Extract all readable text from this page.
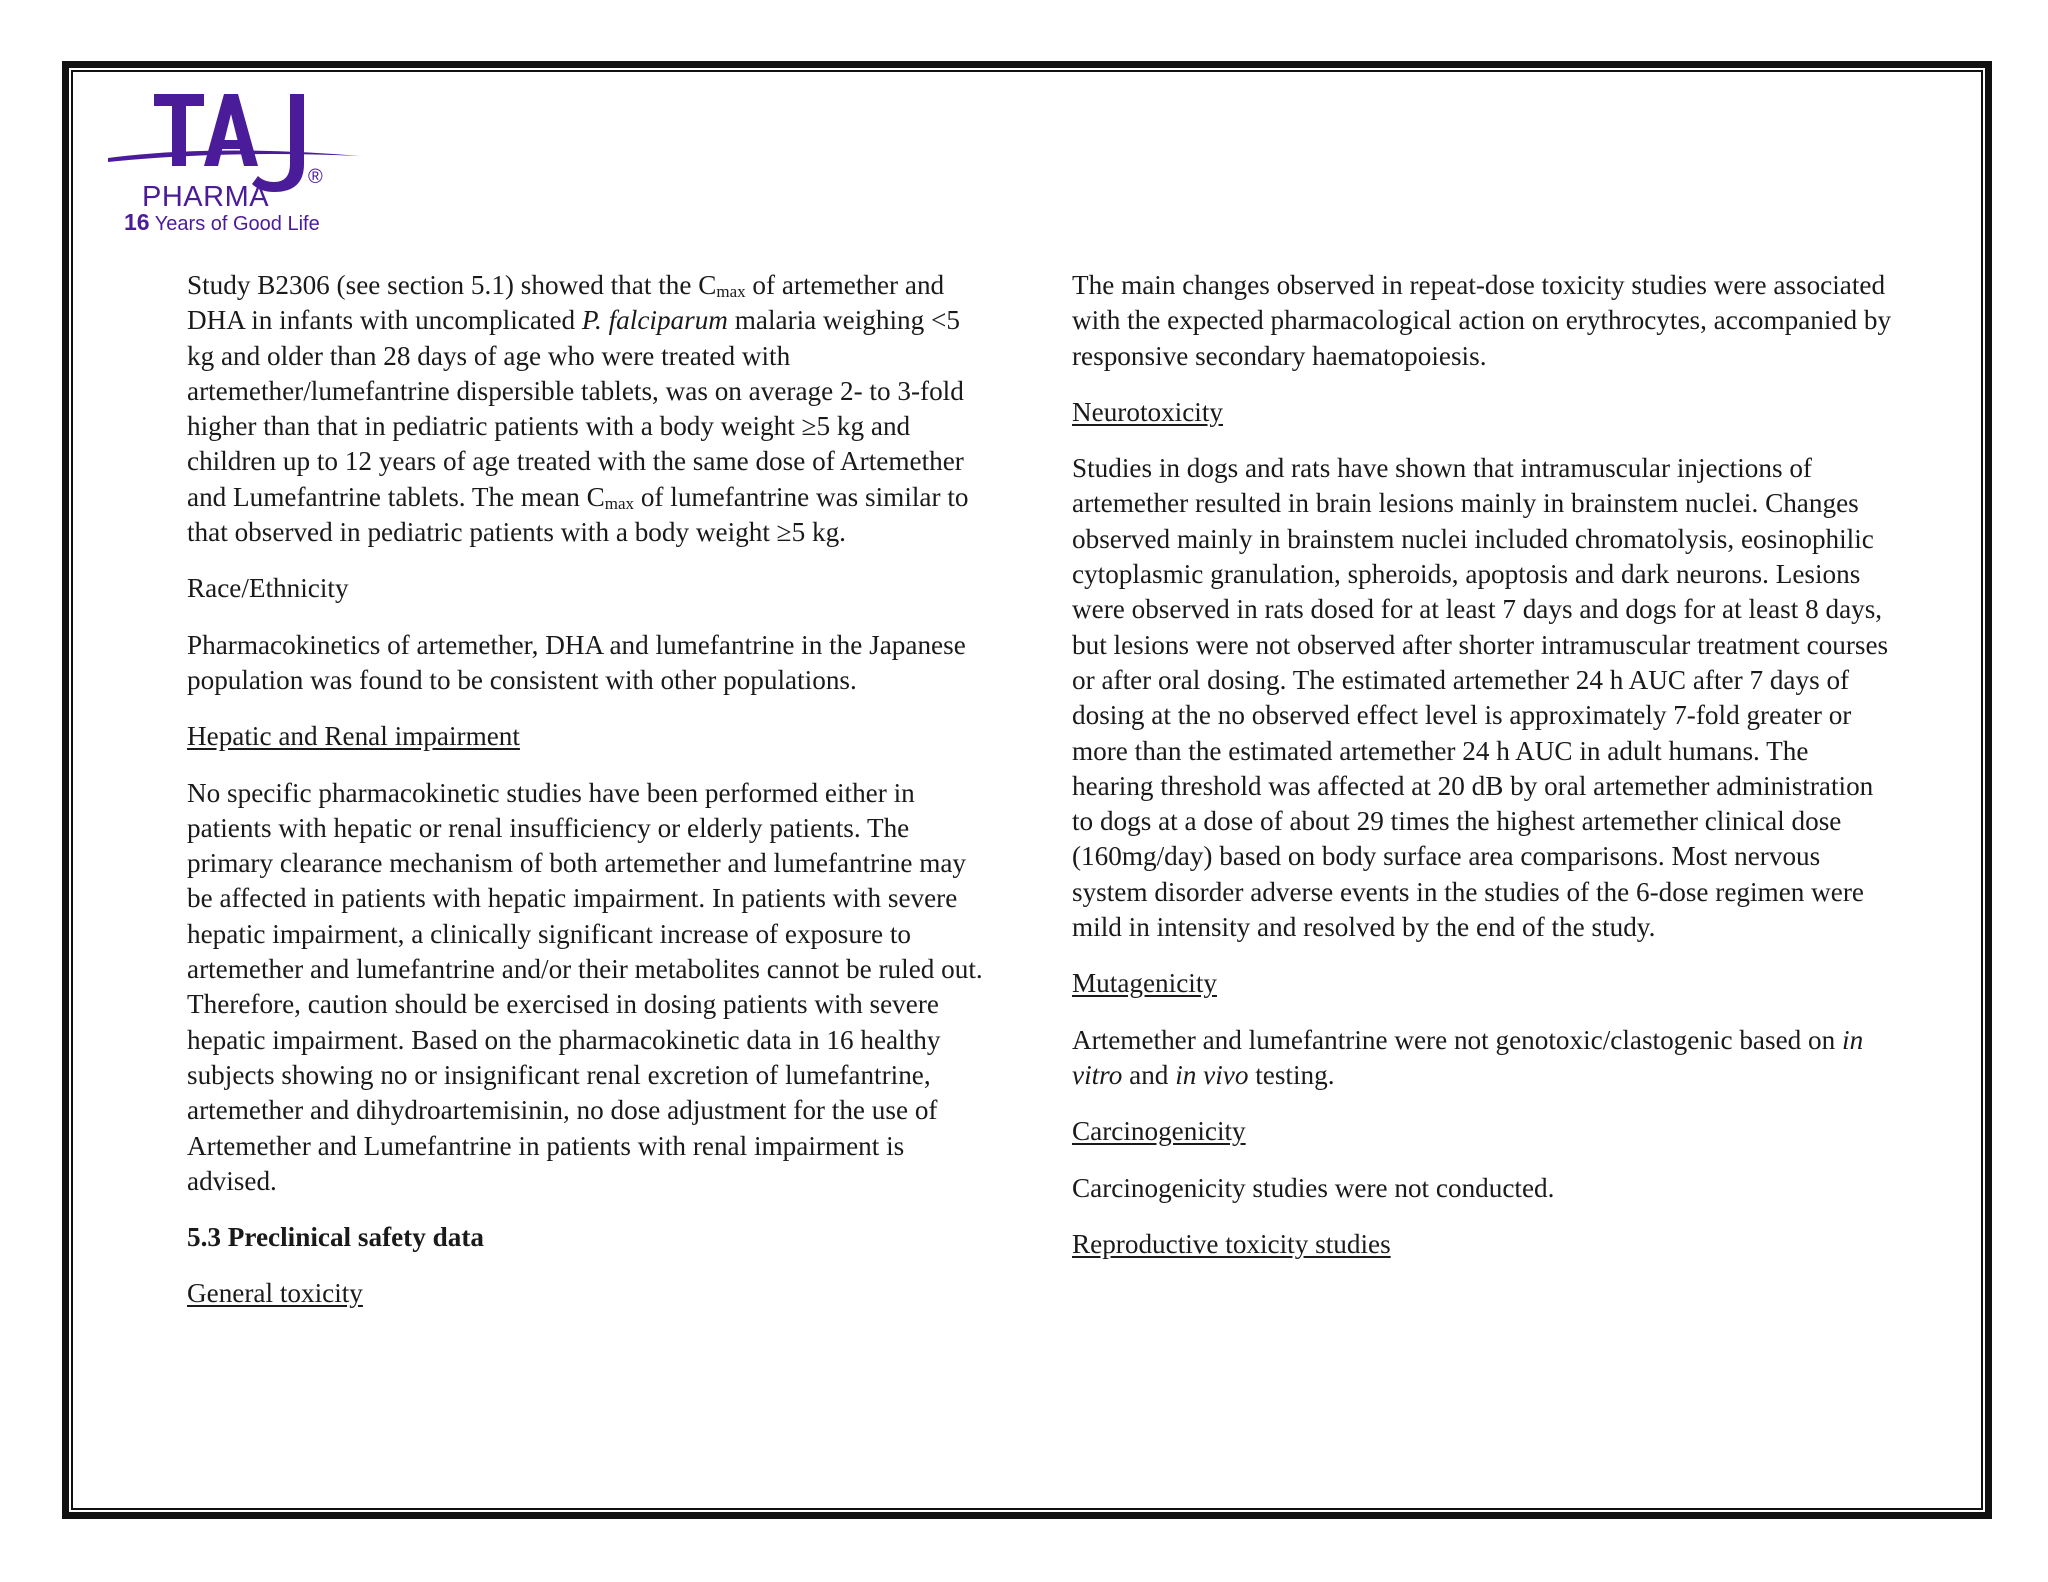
PHARMA
®
16 Years of Good Life

Study B2306 (see section 5.1) showed that the $C_{max}$ of artemether and DHA in infants with uncomplicated P. falciparum malaria weighing <5 kg and older than 28 days of age who were treated with artemether/lumefantrine dispersible tablets, was on average 2- to 3-fold higher than that in pediatric patients with a body weight ≥5 kg and children up to 12 years of age treated with the same dose of Artemether and Lumefantrine tablets. The mean $C_{max}$ of lumefantrine was similar to that observed in pediatric patients with a body weight ≥5 kg.

Race/Ethnicity

Pharmacokinetics of artemether, DHA and lumefantrine in the Japanese population was found to be consistent with other populations.

Hepatic and Renal impairment

No specific pharmacokinetic studies have been performed either in patients with hepatic or renal insufficiency or elderly patients. The primary clearance mechanism of both artemether and lumefantrine may be affected in patients with hepatic impairment. In patients with severe hepatic impairment, a clinically significant increase of exposure to artemether and lumefantrine and/or their metabolites cannot be ruled out. Therefore, caution should be exercised in dosing patients with severe hepatic impairment. Based on the pharmacokinetic data in 16 healthy subjects showing no or insignificant renal excretion of lumefantrine, artemether and dihydroartemisinin, no dose adjustment for the use of Artemether and Lumefantrine in patients with renal impairment is advised.

5.3 Preclinical safety data

General toxicity

The main changes observed in repeat-dose toxicity studies were associated with the expected pharmacological action on erythrocytes, accompanied by responsive secondary haematopoiesis.

Neurotoxicity

Studies in dogs and rats have shown that intramuscular injections of artemether resulted in brain lesions mainly in brainstem nuclei. Changes observed mainly in brainstem nuclei included chromatolysis, eosinophilic cytoplasmic granulation, spheroids, apoptosis and dark neurons. Lesions were observed in rats dosed for at least 7 days and dogs for at least 8 days, but lesions were not observed after shorter intramuscular treatment courses or after oral dosing. The estimated artemether 24 h AUC after 7 days of dosing at the no observed effect level is approximately 7-fold greater or more than the estimated artemether 24 h AUC in adult humans. The hearing threshold was affected at 20 dB by oral artemether administration to dogs at a dose of about 29 times the highest artemether clinical dose (160mg/day) based on body surface area comparisons. Most nervous system disorder adverse events in the studies of the 6-dose regimen were mild in intensity and resolved by the end of the study.

Mutagenicity

Artemether and lumefantrine were not genotoxic/clastogenic based on in vitro and in vivo testing.

Carcinogenicity

Carcinogenicity studies were not conducted.

Reproductive toxicity studies
